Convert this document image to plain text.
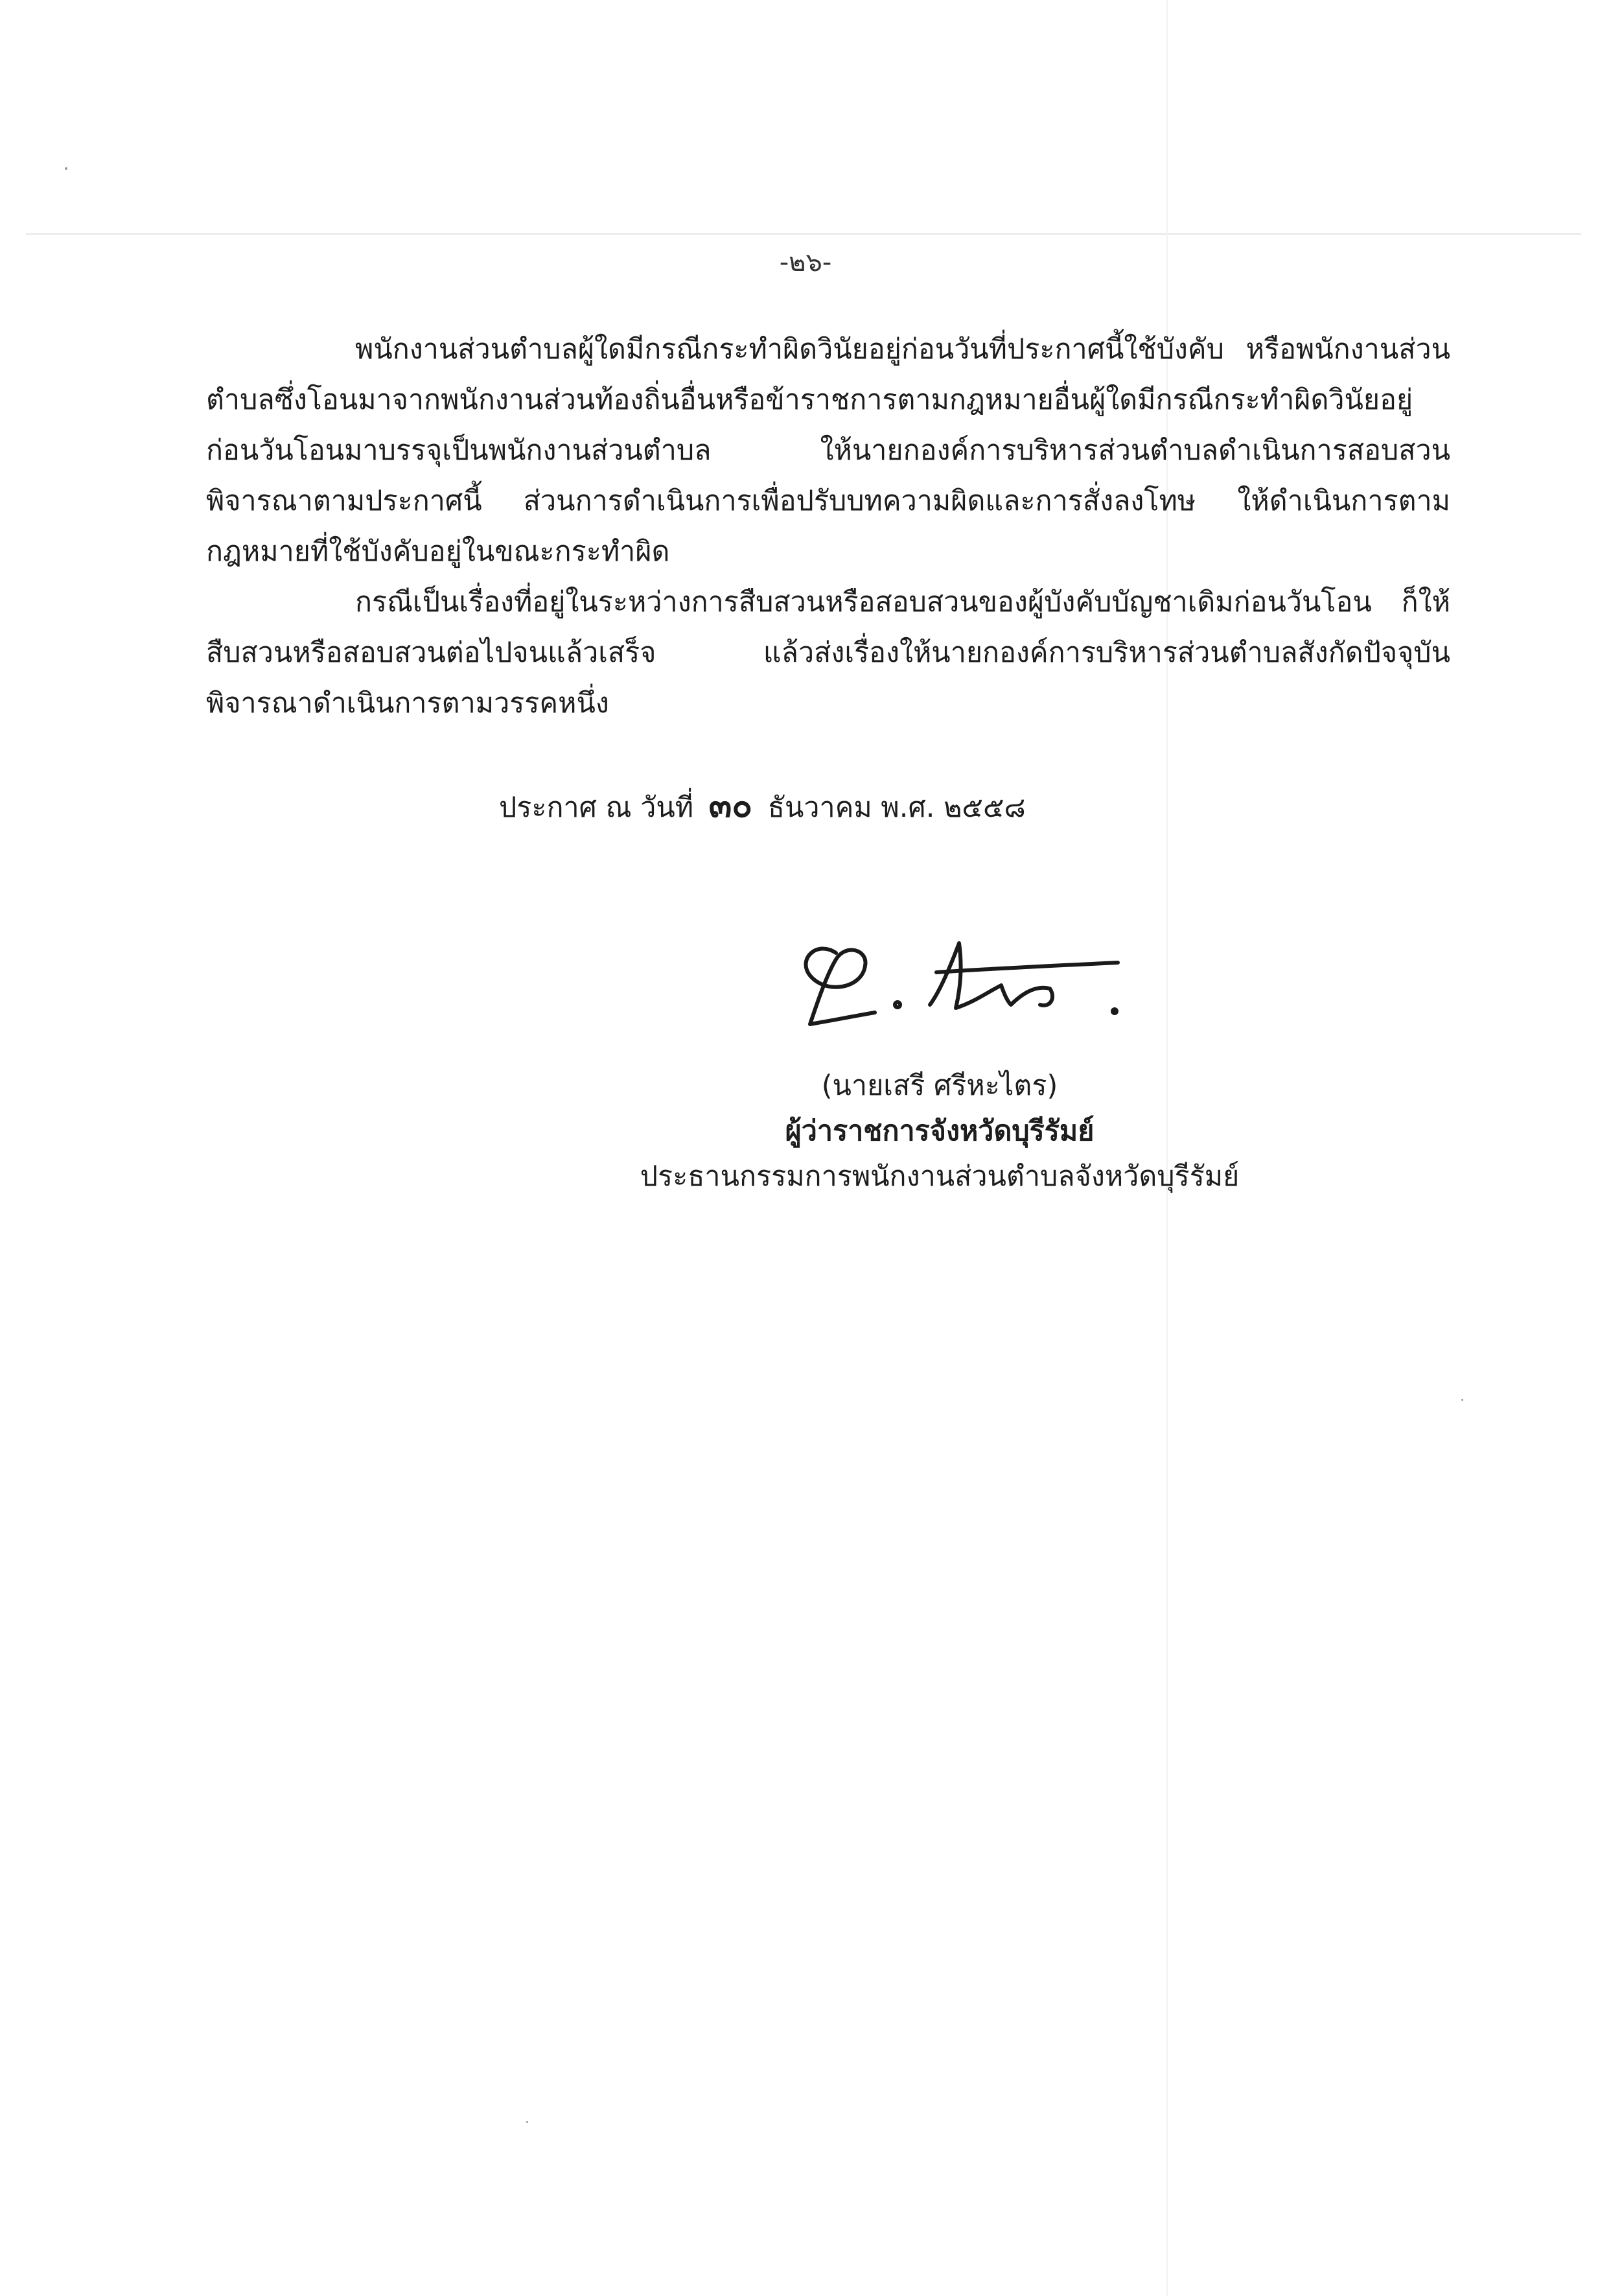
-๒๖-

พนักงานส่วนตำบลผู้ใดมีกรณีกระทำผิดวินัยอยู่ก่อนวันที่ประกาศนี้ใช้บังคับ หรือพนักงานส่วนตำบลซึ่งโอนมาจากพนักงานส่วนท้องถิ่นอื่นหรือข้าราชการตามกฎหมายอื่นผู้ใดมีกรณีกระทำผิดวินัยอยู่ก่อนวันโอนมาบรรจุเป็นพนักงานส่วนตำบล ให้นายกองค์การบริหารส่วนตำบลดำเนินการสอบสวนพิจารณาตามประกาศนี้ ส่วนการดำเนินการเพื่อปรับบทความผิดและการสั่งลงโทษ ให้ดำเนินการตามกฎหมายที่ใช้บังคับอยู่ในขณะกระทำผิด

กรณีเป็นเรื่องที่อยู่ในระหว่างการสืบสวนหรือสอบสวนของผู้บังคับบัญชาเดิมก่อนวันโอน ก็ให้สืบสวนหรือสอบสวนต่อไปจนแล้วเสร็จ แล้วส่งเรื่องให้นายกองค์การบริหารส่วนตำบลสังกัดปัจจุบันพิจารณาดำเนินการตามวรรคหนึ่ง

ประกาศ ณ วันที่ ๓๐ ธันวาคม พ.ศ. ๒๕๕๘
(นายเสรี ศรีหะไตร)
ผู้ว่าราชการจังหวัดบุรีรัมย์
ประธานกรรมการพนักงานส่วนตำบลจังหวัดบุรีรัมย์
